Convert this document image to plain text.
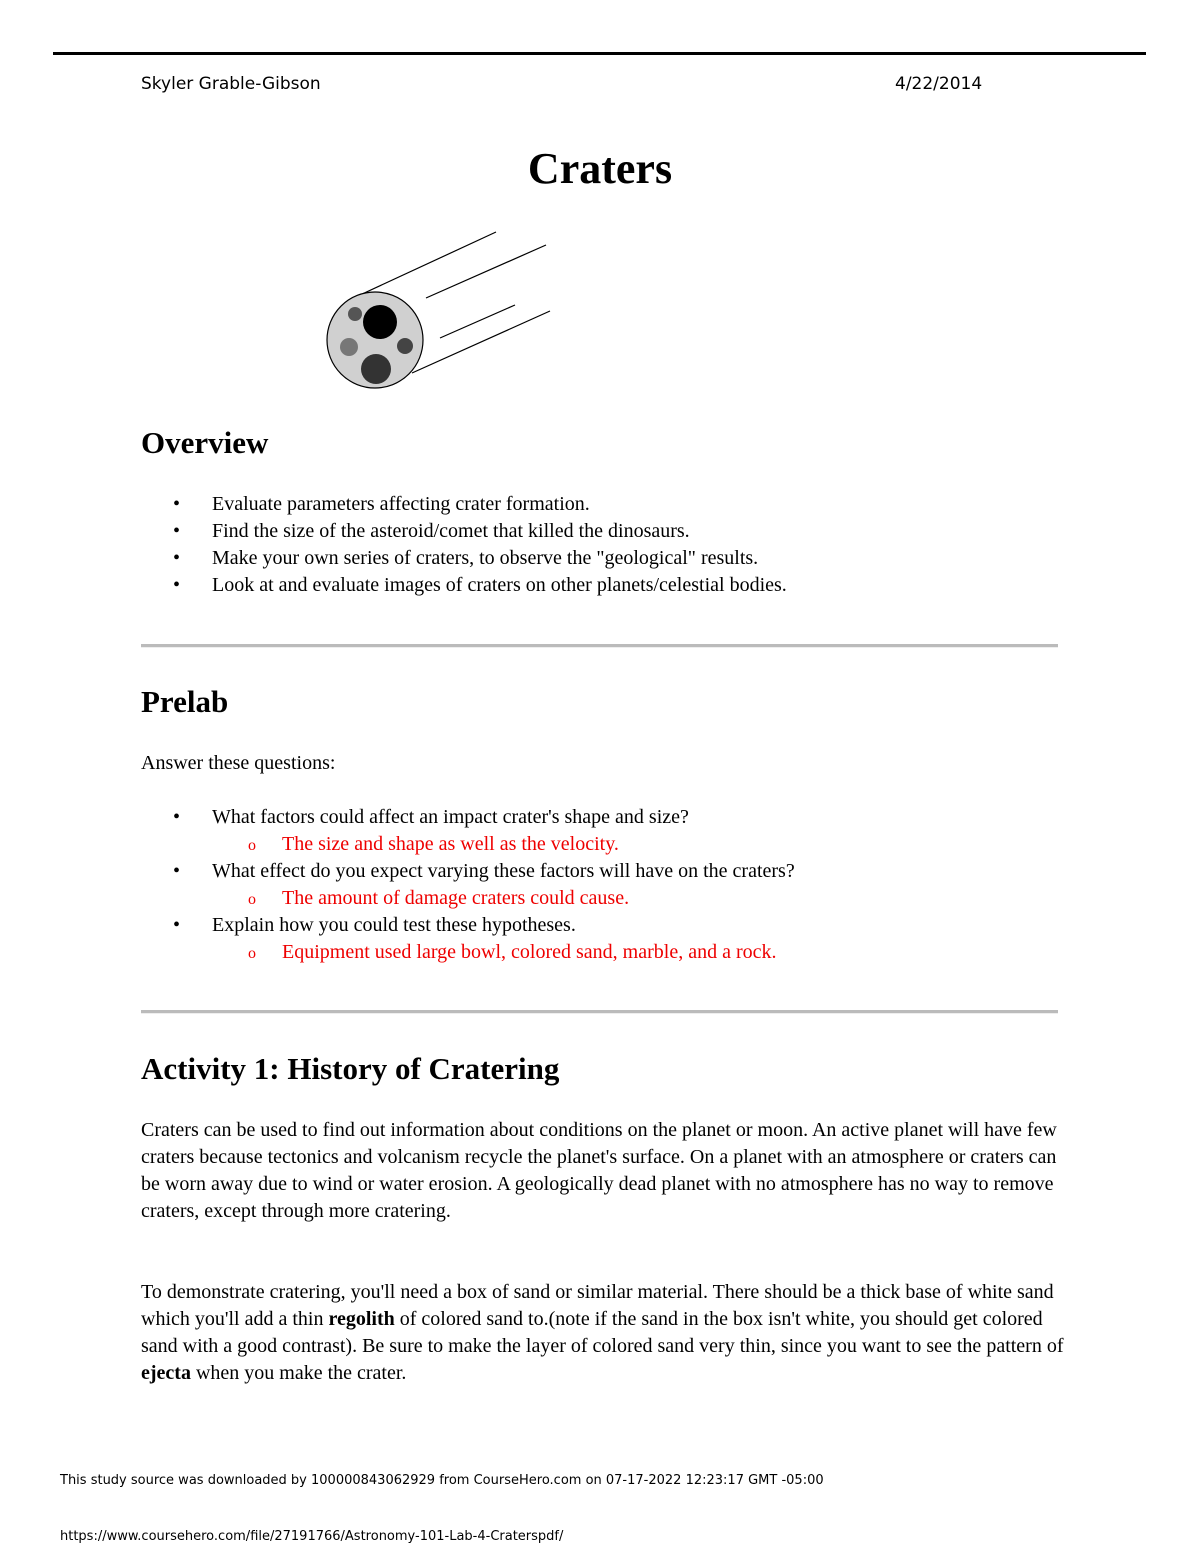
Skyler Grable-Gibson	4/22/2014
Craters
Overview
• Evaluate parameters affecting crater formation.
• Find the size of the asteroid/comet that killed the dinosaurs.
• Make your own series of craters, to observe the "geological" results.
• Look at and evaluate images of craters on other planets/celestial bodies.
Prelab

Answer these questions:

• What factors could affect an impact crater's shape and size?
o The size and shape as well as the velocity.
• What effect do you expect varying these factors will have on the craters?
o The amount of damage craters could cause.
• Explain how you could test these hypotheses.
o Equipment used large bowl, colored sand, marble, and a rock.
Activity 1: History of Cratering

Craters can be used to find out information about conditions on the planet or moon. An active planet will have few craters because tectonics and volcanism recycle the planet's surface. On a planet with an atmosphere or craters can be worn away due to wind or water erosion. A geologically dead planet with no atmosphere has no way to remove craters, except through more cratering.

To demonstrate cratering, you'll need a box of sand or similar material. There should be a thick base of white sand which you'll add a thin regolith of colored sand to.(note if the sand in the box isn't white, you should get colored sand with a good contrast). Be sure to make the layer of colored sand very thin, since you want to see the pattern of ejecta when you make the crater.

This study source was downloaded by 100000843062929 from CourseHero.com on 07-17-2022 12:23:17 GMT -05:00
https://www.coursehero.com/file/27191766/Astronomy-101-Lab-4-Craterspdf/
